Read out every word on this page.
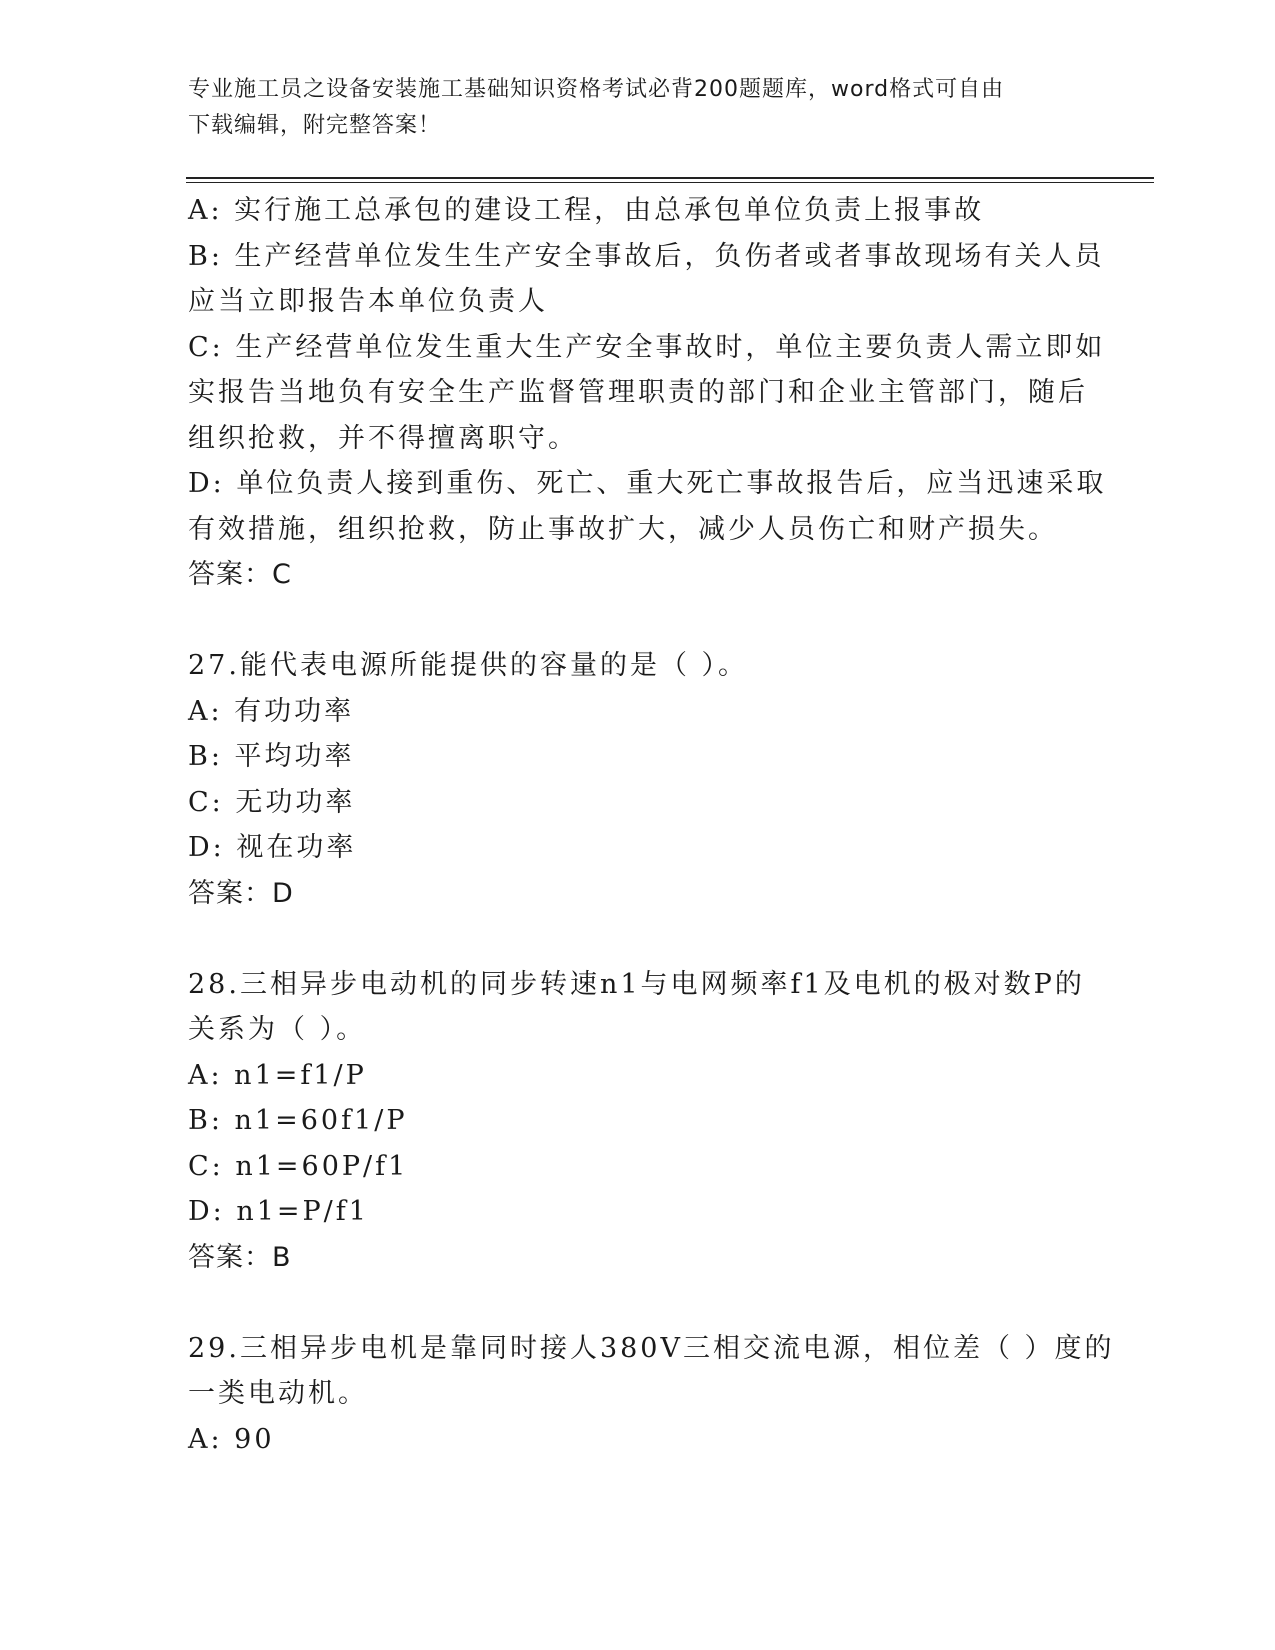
专业施工员之设备安装施工基础知识资格考试必背200题题库，word格式可自由
下载编辑，附完整答案！
A: 实行施工总承包的建设工程，由总承包单位负责上报事故
B: 生产经营单位发生生产安全事故后，负伤者或者事故现场有关人员
应当立即报告本单位负责人
C: 生产经营单位发生重大生产安全事故时，单位主要负责人需立即如
实报告当地负有安全生产监督管理职责的部门和企业主管部门，随后
组织抢救，并不得擅离职守。
D: 单位负责人接到重伤、死亡、重大死亡事故报告后，应当迅速采取
有效措施，组织抢救，防止事故扩大，减少人员伤亡和财产损失。
答案：C
27.能代表电源所能提供的容量的是（ ）。
A: 有功功率
B: 平均功率
C: 无功功率
D: 视在功率
答案：D
28.三相异步电动机的同步转速n1与电网频率f1及电机的极对数P的
关系为（ ）。
A: n1=f1/P
B: n1=60f1/P
C: n1=60P/f1
D: n1=P/f1
答案：B
29.三相异步电机是靠同时接人380V三相交流电源，相位差（ ）度的
一类电动机。
A: 90
